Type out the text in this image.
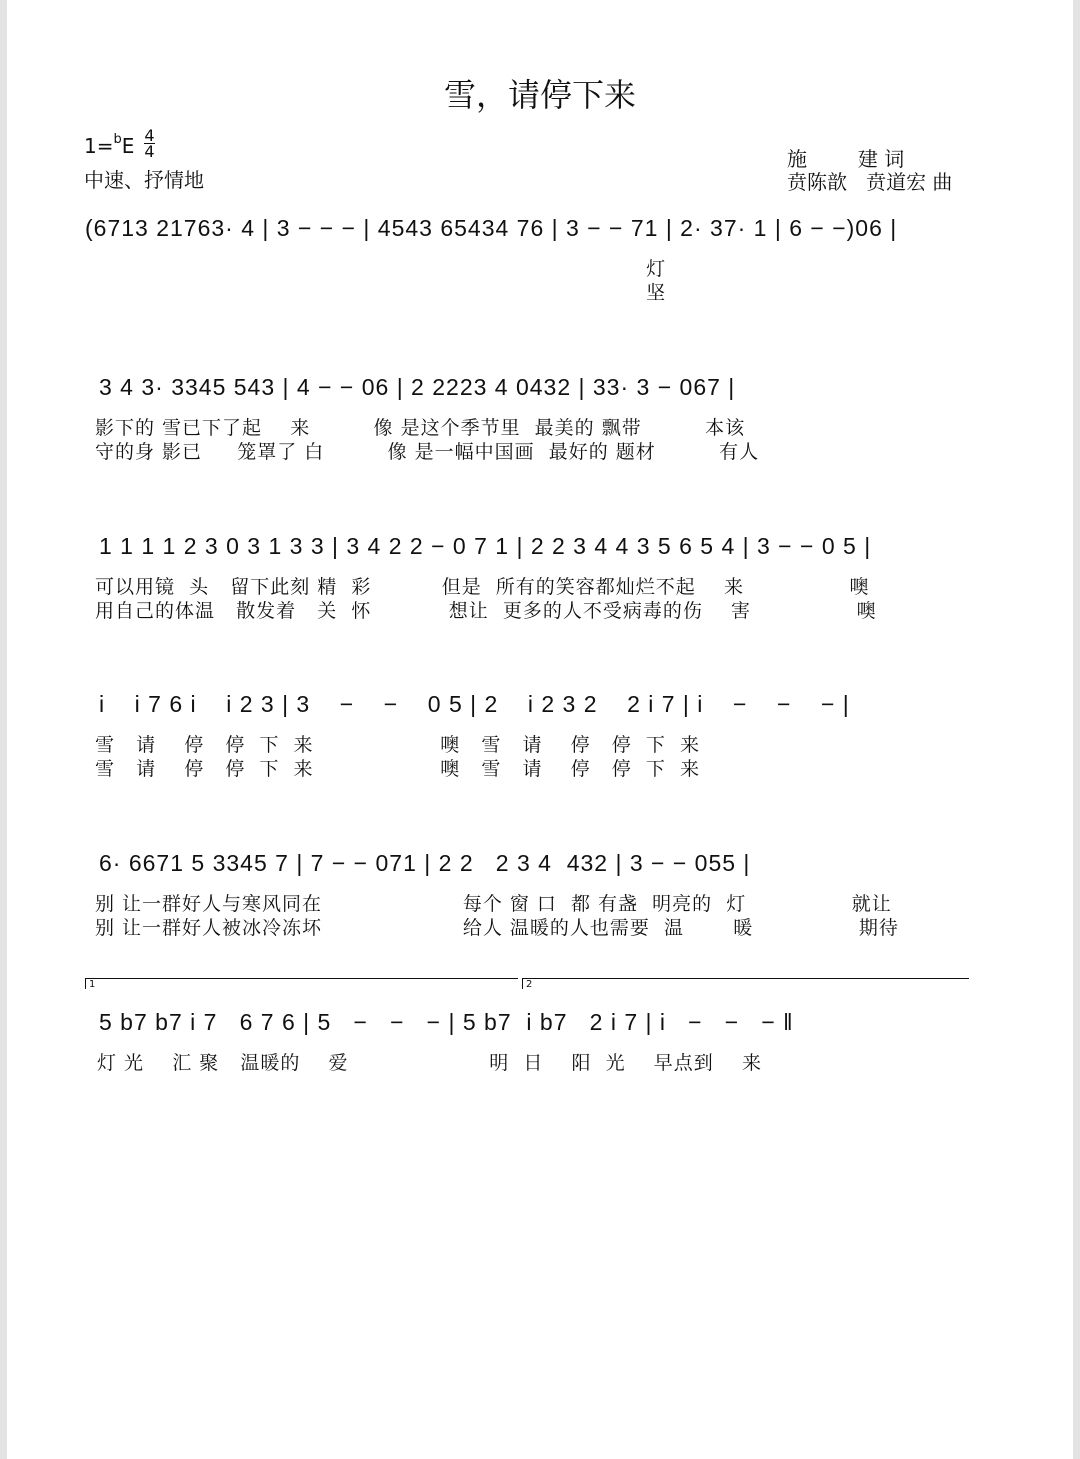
雪，请停下来
$1=^bE \frac{4}{4}$
中速、抒情地
施        建 词
贲陈歆   贲道宏 曲
(6713 21763· 4 | 3 − − − | 4543 65434 76 | 3 − − 71 | 2· 37· 1 | 6 − −)06 |
灯
坚
3 4 3· 3345 543 | 4 − − 06 | 2 2223 4 0432 | 33· 3 − 067 |
影下的 雪已下了起    来         像 是这个季节里  最美的 飘带         本该
守的身 影已     笼罩了 白         像 是一幅中国画  最好的 题材         有人
1 1 1 1 2 3 0 3 1 3 3 | 3 4 2 2 − 0 7 1 | 2 2 3 4 4 3 5 6 5 4 | 3 − − 0 5 |
可以用镜  头   留下此刻 精  彩          但是  所有的笑容都灿烂不起    来               噢
用自己的体温   散发着   关  怀           想让  更多的人不受病毒的伤    害               噢
i    i 7 6 i    i 2 3 | 3    −    −    0 5 | 2    i 2 3 2    2 i 7 | i    −    −    − |
雪   请    停   停  下  来                  噢   雪   请    停   停  下  来
雪   请    停   停  下  来                  噢   雪   请    停   停  下  来
6· 6671 5 3345 7 | 7 − − 071 | 2 2   2 3 4  432 | 3 − − 055 |
别 让一群好人与寒风同在                    每个 窗 口  都 有盏  明亮的  灯               就让
别 让一群好人被冰冷冻坏                    给人 温暖的人也需要  温       暖               期待
1	2
5 b7 b7 i 7   6 7 6 | 5   −   −   − | 5 b7  i b7   2 i 7 | i   −   −   − ‖
灯 光    汇 聚   温暖的    爱                    明  日    阳  光    早点到    来
